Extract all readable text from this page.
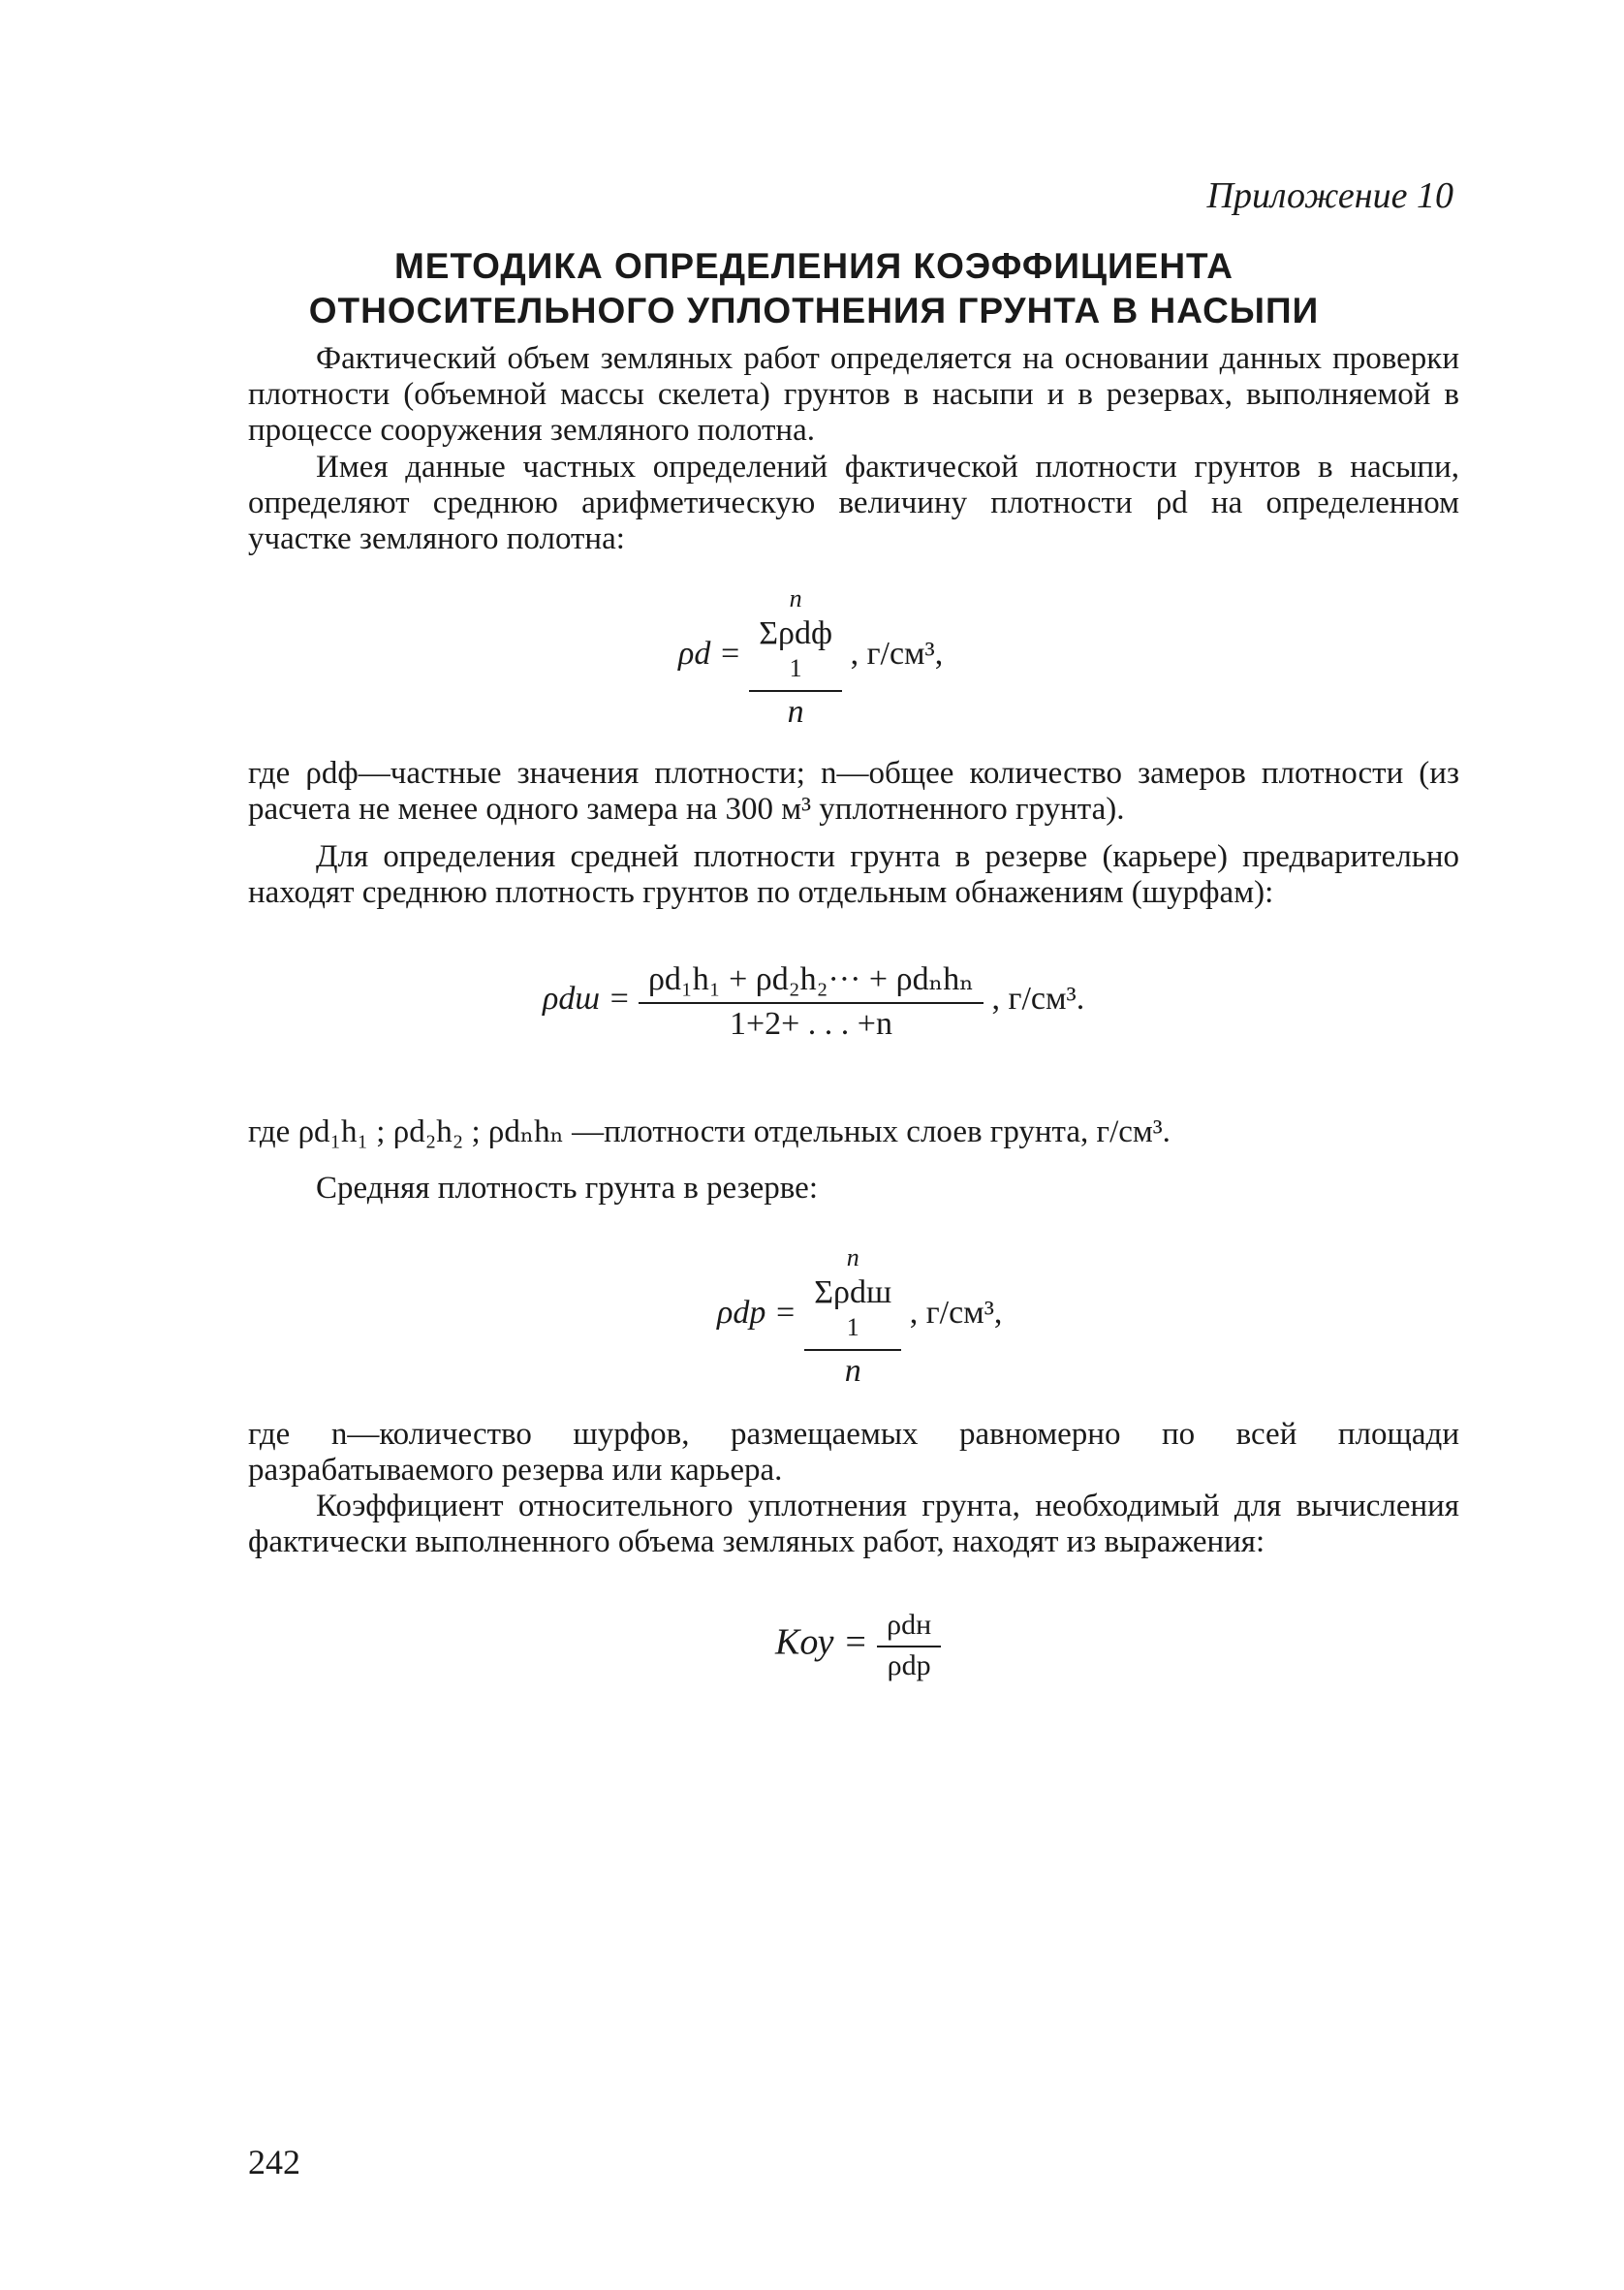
Приложение 10
МЕТОДИКА ОПРЕДЕЛЕНИЯ КОЭФФИЦИЕНТА
ОТНОСИТЕЛЬНОГО УПЛОТНЕНИЯ ГРУНТА В НАСЫПИ

Фактический объем земляных работ определяется на основании данных проверки плотности (объемной массы скелета) грунтов в насыпи и в резервах, выполняемой в процессе сооружения земляного полотна.

Имея данные частных определений фактической плотности грунтов в насыпи, определяют среднюю арифметическую величину плотности ρd на определенном участке земляного полотна:

ρd = n
Σρdф
1
n , г/см³,

где ρdф—частные значения плотности; n—общее количество замеров плотности (из расчета не менее одного замера на 300 м³ уплотненного грунта).

Для определения средней плотности грунта в резерве (карьере) предварительно находят среднюю плотность грунтов по отдельным обнажениям (шурфам):

$\rho dш = \frac{\text{ρd₁h₁ + ρd₂h₂··· + ρdₙhₙ}}{1+2+ . . . +n}$ , г/см³.

где ρd₁h₁ ; ρd₂h₂ ; ρdₙhₙ —плотности отдельных слоев грунта, г/см³.

Средняя плотность грунта в резерве:

ρdр = n
Σρdш
1
n , г/см³,

где n—количество шурфов, размещаемых равномерно по всей площади разрабатываемого резерва или карьера.

Коэффициент относительного уплотнения грунта, необходимый для вычисления фактически выполненного объема земляных работ, находят из выражения:

Kоу = $\frac{\text{ρdн}}{\text{ρdр}}$
242
